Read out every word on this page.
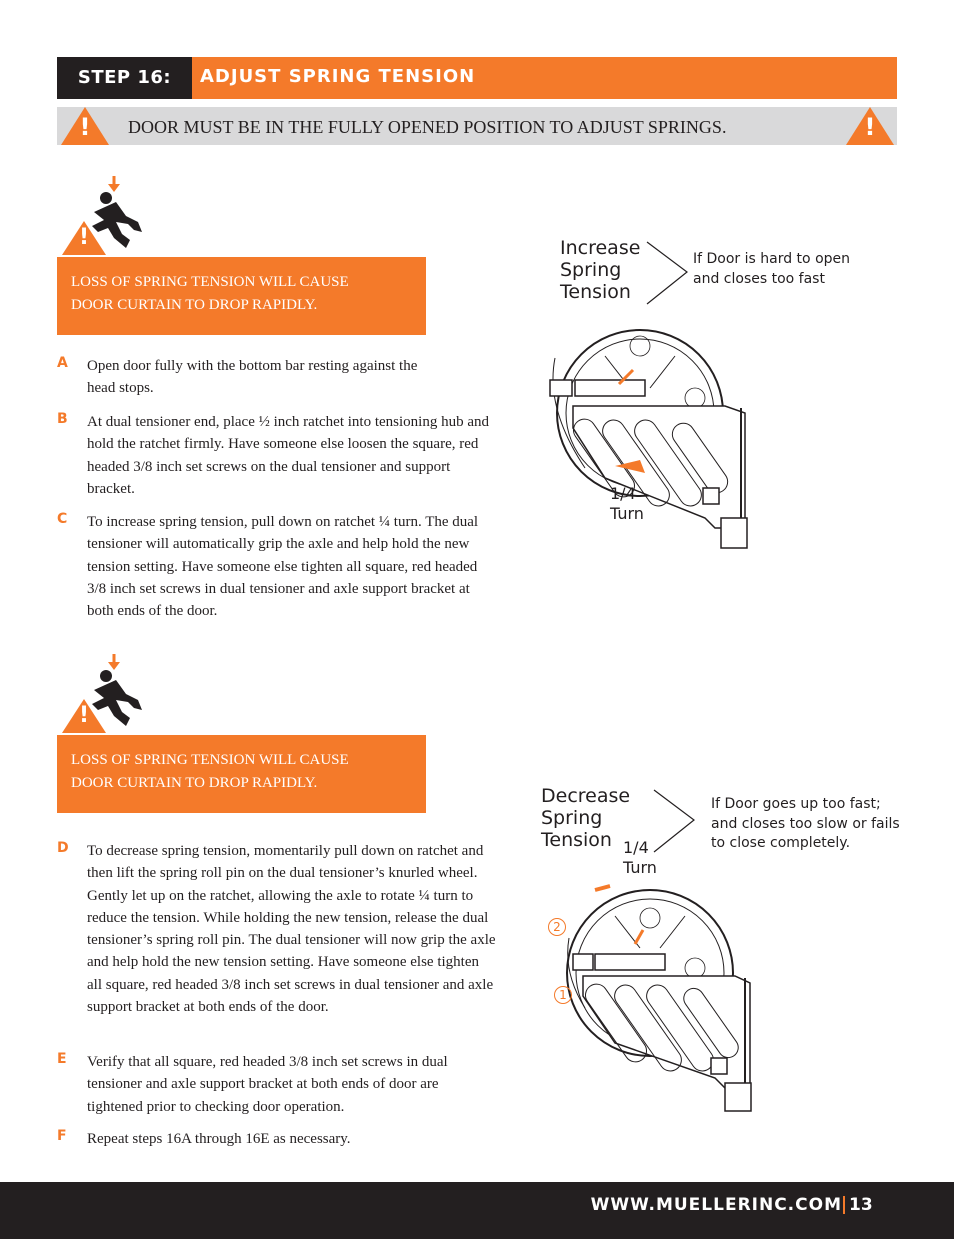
STEP 16:	ADJUST SPRING TENSION
!	DOOR MUST BE IN THE FULLY OPENED POSITION TO ADJUST SPRINGS.	!
!
LOSS OF SPRING TENSION WILL CAUSE
DOOR CURTAIN TO DROP RAPIDLY.
A Open door fully with the bottom bar resting against the head stops.
B At dual tensioner end, place ½ inch ratchet into tensioning hub and hold the ratchet firmly. Have someone else loosen the square, red headed 3/8 inch set screws on the dual tensioner and support bracket.
C To increase spring tension, pull down on ratchet ¼ turn. The dual tensioner will automatically grip the axle and help hold the new tension setting. Have someone else tighten all square, red headed 3/8 inch set screws in dual tensioner and axle support bracket at both ends of the door.
!
LOSS OF SPRING TENSION WILL CAUSE
DOOR CURTAIN TO DROP RAPIDLY.
D To decrease spring tension, momentarily pull down on ratchet and then lift the spring roll pin on the dual tensioner’s knurled wheel. Gently let up on the ratchet, allowing the axle to rotate ¼ turn to reduce the tension. While holding the new tension, release the dual tensioner’s spring roll pin. The dual tensioner will now grip the axle and help hold the new tension setting. Have someone else tighten all square, red headed 3/8 inch set screws in dual tensioner and axle support bracket at both ends of the door.
E Verify that all square, red headed 3/8 inch set screws in dual tensioner and axle support bracket at both ends of door are tightened prior to checking door operation.
F Repeat steps 16A through 16E as necessary.
Increase
Spring
Tension
If Door is hard to open
and closes too fast
1/4
Turn
Decrease
Spring
Tension
If Door goes up too fast;
and closes too slow or fails
to close completely.
1/4
Turn
2
1
WWW.MUELLERINC.COM 13
